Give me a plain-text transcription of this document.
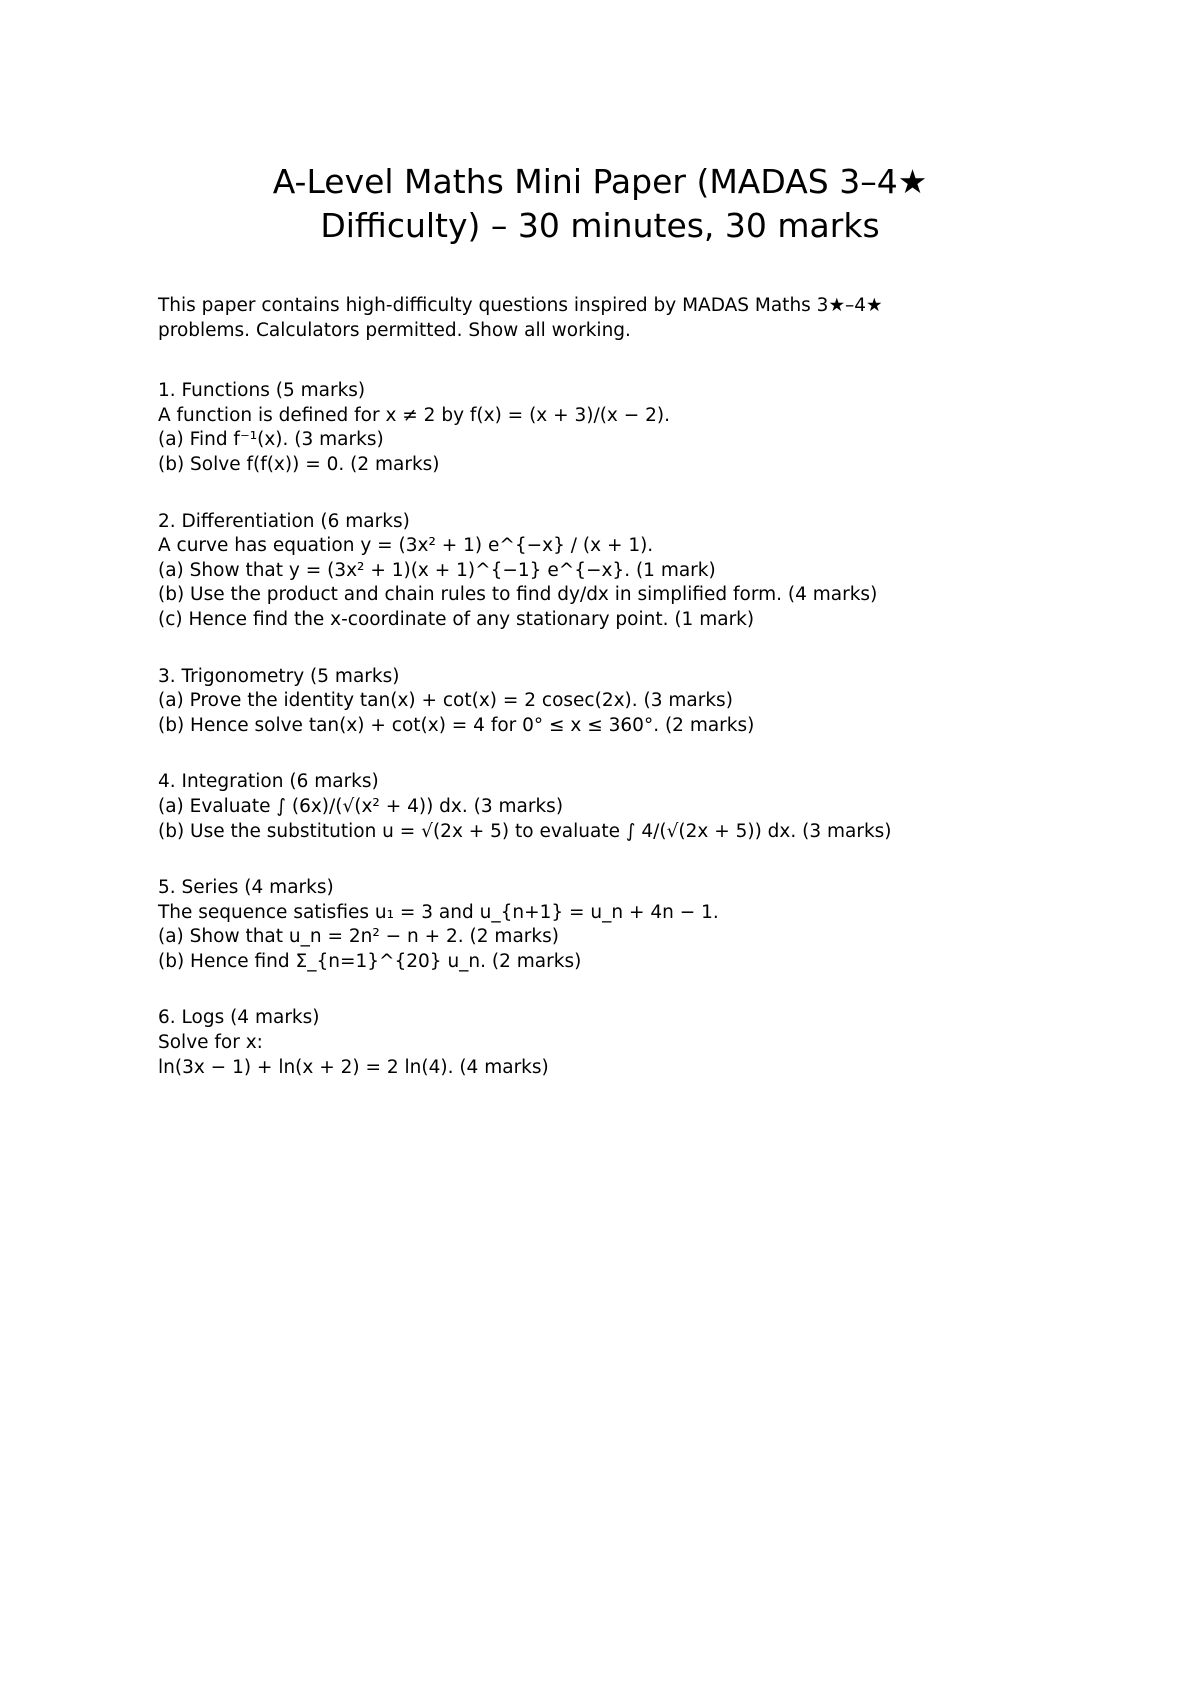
A-Level Maths Mini Paper (MADAS 3–4★
Difficulty) – 30 minutes, 30 marks
This paper contains high-difficulty questions inspired by MADAS Maths 3★–4★
problems. Calculators permitted. Show all working.
1. Functions (5 marks)
A function is defined for x ≠ 2 by f(x) = (x + 3)/(x − 2).
(a) Find f⁻¹(x). (3 marks)
(b) Solve f(f(x)) = 0. (2 marks)
2. Differentiation (6 marks)
A curve has equation y = (3x² + 1) e^{−x} / (x + 1).
(a) Show that y = (3x² + 1)(x + 1)^{−1} e^{−x}. (1 mark)
(b) Use the product and chain rules to find dy/dx in simplified form. (4 marks)
(c) Hence find the x-coordinate of any stationary point. (1 mark)
3. Trigonometry (5 marks)
(a) Prove the identity tan(x) + cot(x) = 2 cosec(2x). (3 marks)
(b) Hence solve tan(x) + cot(x) = 4 for 0° ≤ x ≤ 360°. (2 marks)
4. Integration (6 marks)
(a) Evaluate ∫ (6x)/(√(x² + 4)) dx. (3 marks)
(b) Use the substitution u = √(2x + 5) to evaluate ∫ 4/(√(2x + 5)) dx. (3 marks)
5. Series (4 marks)
The sequence satisfies u₁ = 3 and u_{n+1} = u_n + 4n − 1.
(a) Show that u_n = 2n² − n + 2. (2 marks)
(b) Hence find Σ_{n=1}^{20} u_n. (2 marks)
6. Logs (4 marks)
Solve for x:
ln(3x − 1) + ln(x + 2) = 2 ln(4). (4 marks)
